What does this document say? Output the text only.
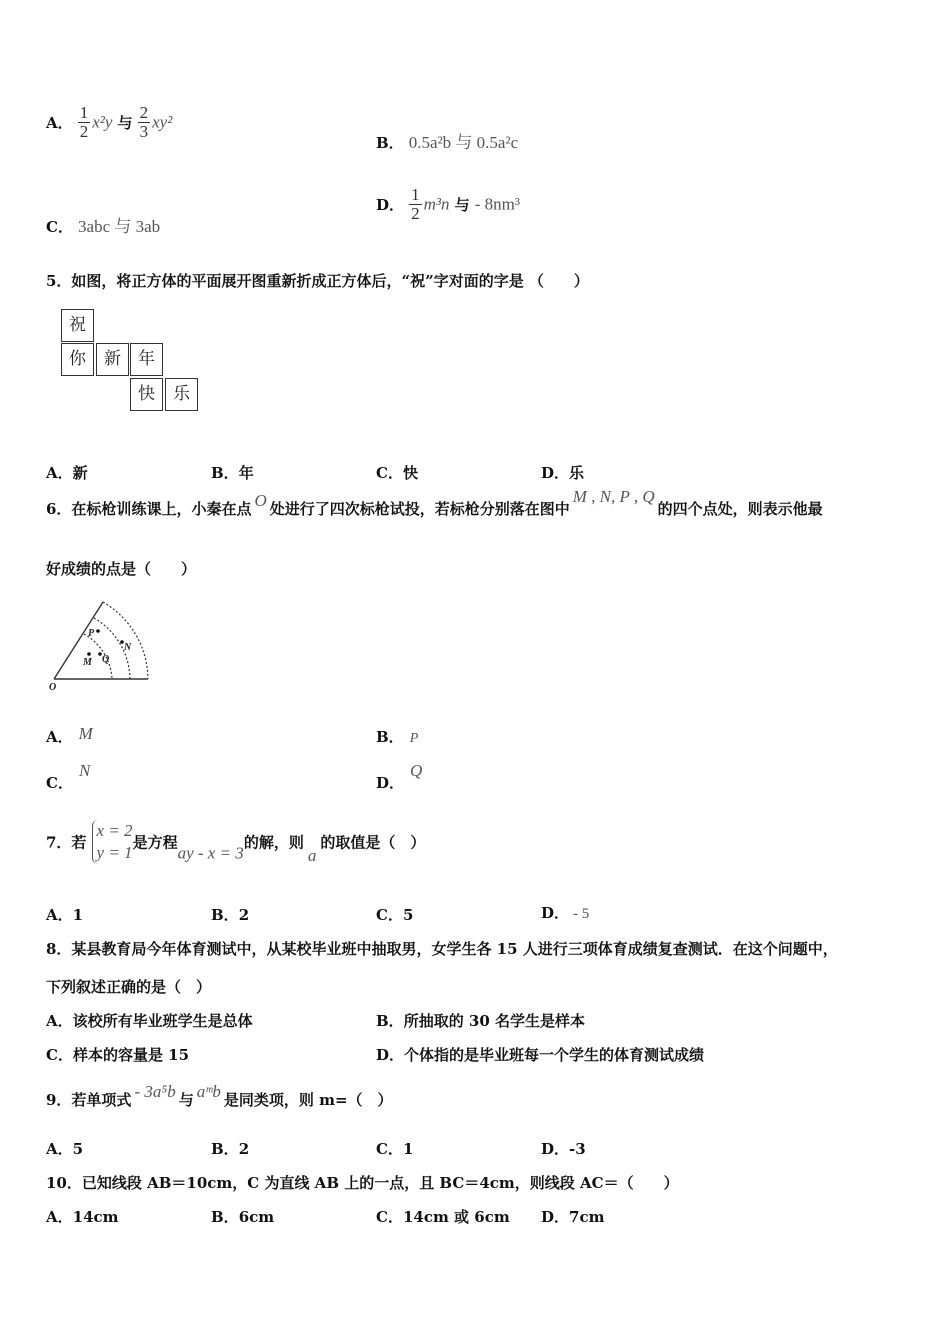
A． $\frac{1}{2} x^2y$ 与 $\frac{2}{3} xy^2$
B． 0.5a²b 与 0.5a²c
C． 3abc 与 3ab
D． $\frac{1}{2} m^3n$ 与 - 8nm³
5．如图，将正方体的平面展开图重新折成正方体后，“祝”字对面的字是 （　　）
祝
你	新	年
快	乐
A．新	B．年	C．快	D．乐
6．在标枪训练课上，小秦在点 O 处进行了四次标枪试投，若标枪分别落在图中M , N, P , Q的四个点处，则表示他最
好成绩的点是（　　）
P
N
M Q
O
A． M	B． P
C．N
D．Q
7．若
x = 2
y = 1
是方程ay - x = 3的解，则a的取值是（　）
A．1	B．2	C．5	D． - 5
8．某县教育局今年体育测试中，从某校毕业班中抽取男，女学生各 15 人进行三项体育成绩复查测试．在这个问题中，
下列叙述正确的是（　）
A．该校所有毕业班学生是总体	B．所抽取的 30 名学生是样本
C．样本的容量是 15	D．个体指的是毕业班每一个学生的体育测试成绩
9．若单项式 - 3a⁵b 与 aᵐb 是同类项，则 m=（　）
A．5	B．2	C．1	D．-3
10．已知线段 AB＝10cm，C 为直线 AB 上的一点，且 BC＝4cm，则线段 AC＝（　　）
A．14cm	B．6cm	C．14cm 或 6cm D．7cm
